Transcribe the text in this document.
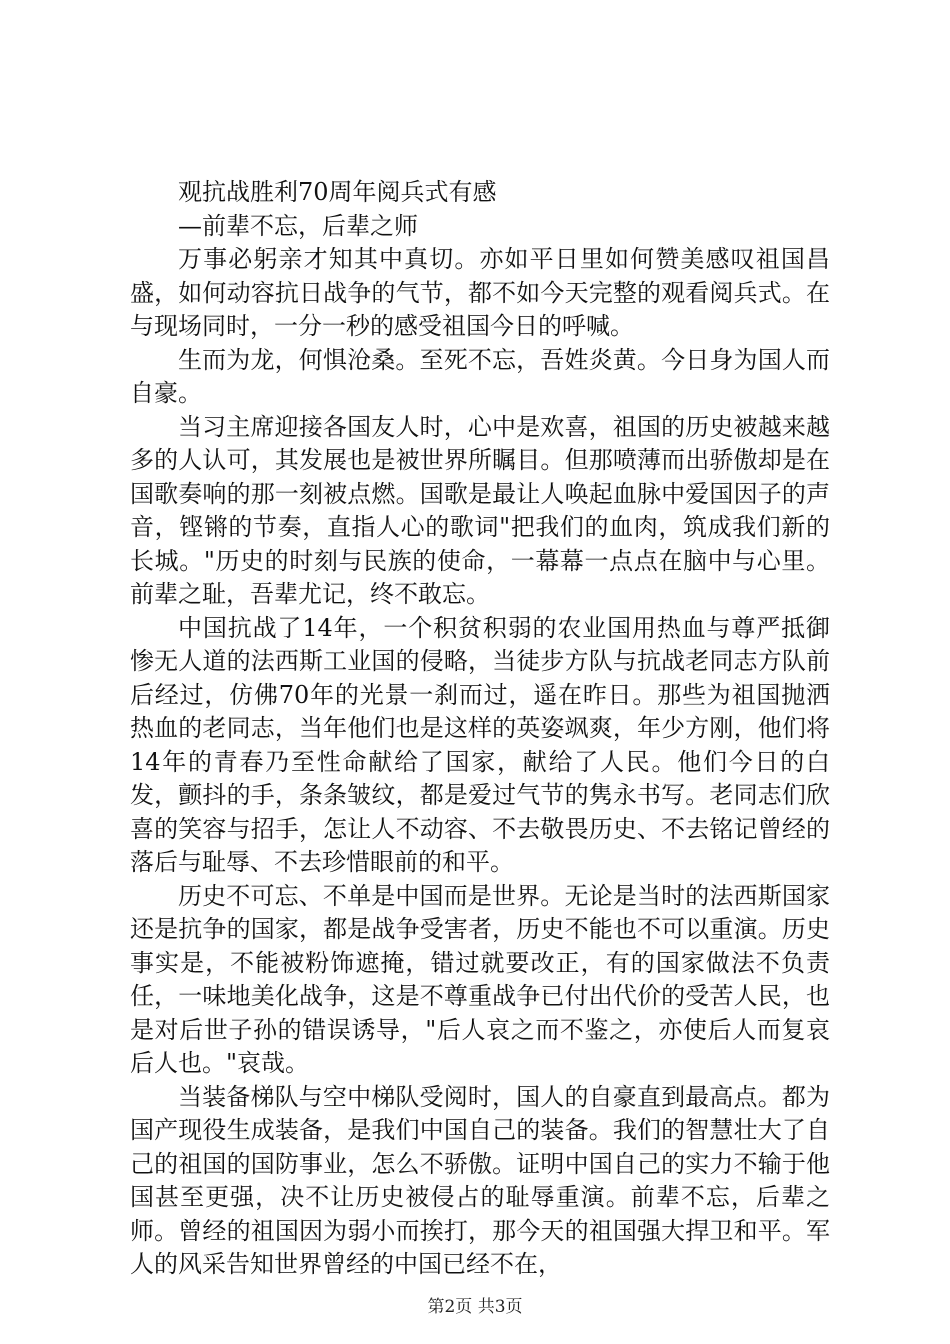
观抗战胜利70周年阅兵式有感

—前辈不忘，后辈之师

万事必躬亲才知其中真切。亦如平日里如何赞美感叹祖国昌盛，如何动容抗日战争的气节，都不如今天完整的观看阅兵式。在与现场同时，一分一秒的感受祖国今日的呼喊。

生而为龙，何惧沧桑。至死不忘，吾姓炎黄。今日身为国人而自豪。

当习主席迎接各国友人时，心中是欢喜，祖国的历史被越来越多的人认可，其发展也是被世界所瞩目。但那喷薄而出骄傲却是在国歌奏响的那一刻被点燃。国歌是最让人唤起血脉中爱国因子的声音，铿锵的节奏，直指人心的歌词"把我们的血肉，筑成我们新的长城。"历史的时刻与民族的使命，一幕幕一点点在脑中与心里。前辈之耻，吾辈尤记，终不敢忘。

中国抗战了14年，一个积贫积弱的农业国用热血与尊严抵御惨无人道的法西斯工业国的侵略，当徒步方队与抗战老同志方队前后经过，仿佛70年的光景一刹而过，遥在昨日。那些为祖国抛洒热血的老同志，当年他们也是这样的英姿飒爽，年少方刚，他们将14年的青春乃至性命献给了国家，献给了人民。他们今日的白发，颤抖的手，条条皱纹，都是爱过气节的隽永书写。老同志们欣喜的笑容与招手，怎让人不动容、不去敬畏历史、不去铭记曾经的落后与耻辱、不去珍惜眼前的和平。

历史不可忘、不单是中国而是世界。无论是当时的法西斯国家还是抗争的国家，都是战争受害者，历史不能也不可以重演。历史事实是，不能被粉饰遮掩，错过就要改正，有的国家做法不负责任，一味地美化战争，这是不尊重战争已付出代价的受苦人民，也是对后世子孙的错误诱导，"后人哀之而不鉴之，亦使后人而复哀后人也。"哀哉。

当装备梯队与空中梯队受阅时，国人的自豪直到最高点。都为国产现役生成装备，是我们中国自己的装备。我们的智慧壮大了自己的祖国的国防事业，怎么不骄傲。证明中国自己的实力不输于他国甚至更强，决不让历史被侵占的耻辱重演。前辈不忘，后辈之师。曾经的祖国因为弱小而挨打，那今天的祖国强大捍卫和平。军人的风采告知世界曾经的中国已经不在，

第2页 共3页
